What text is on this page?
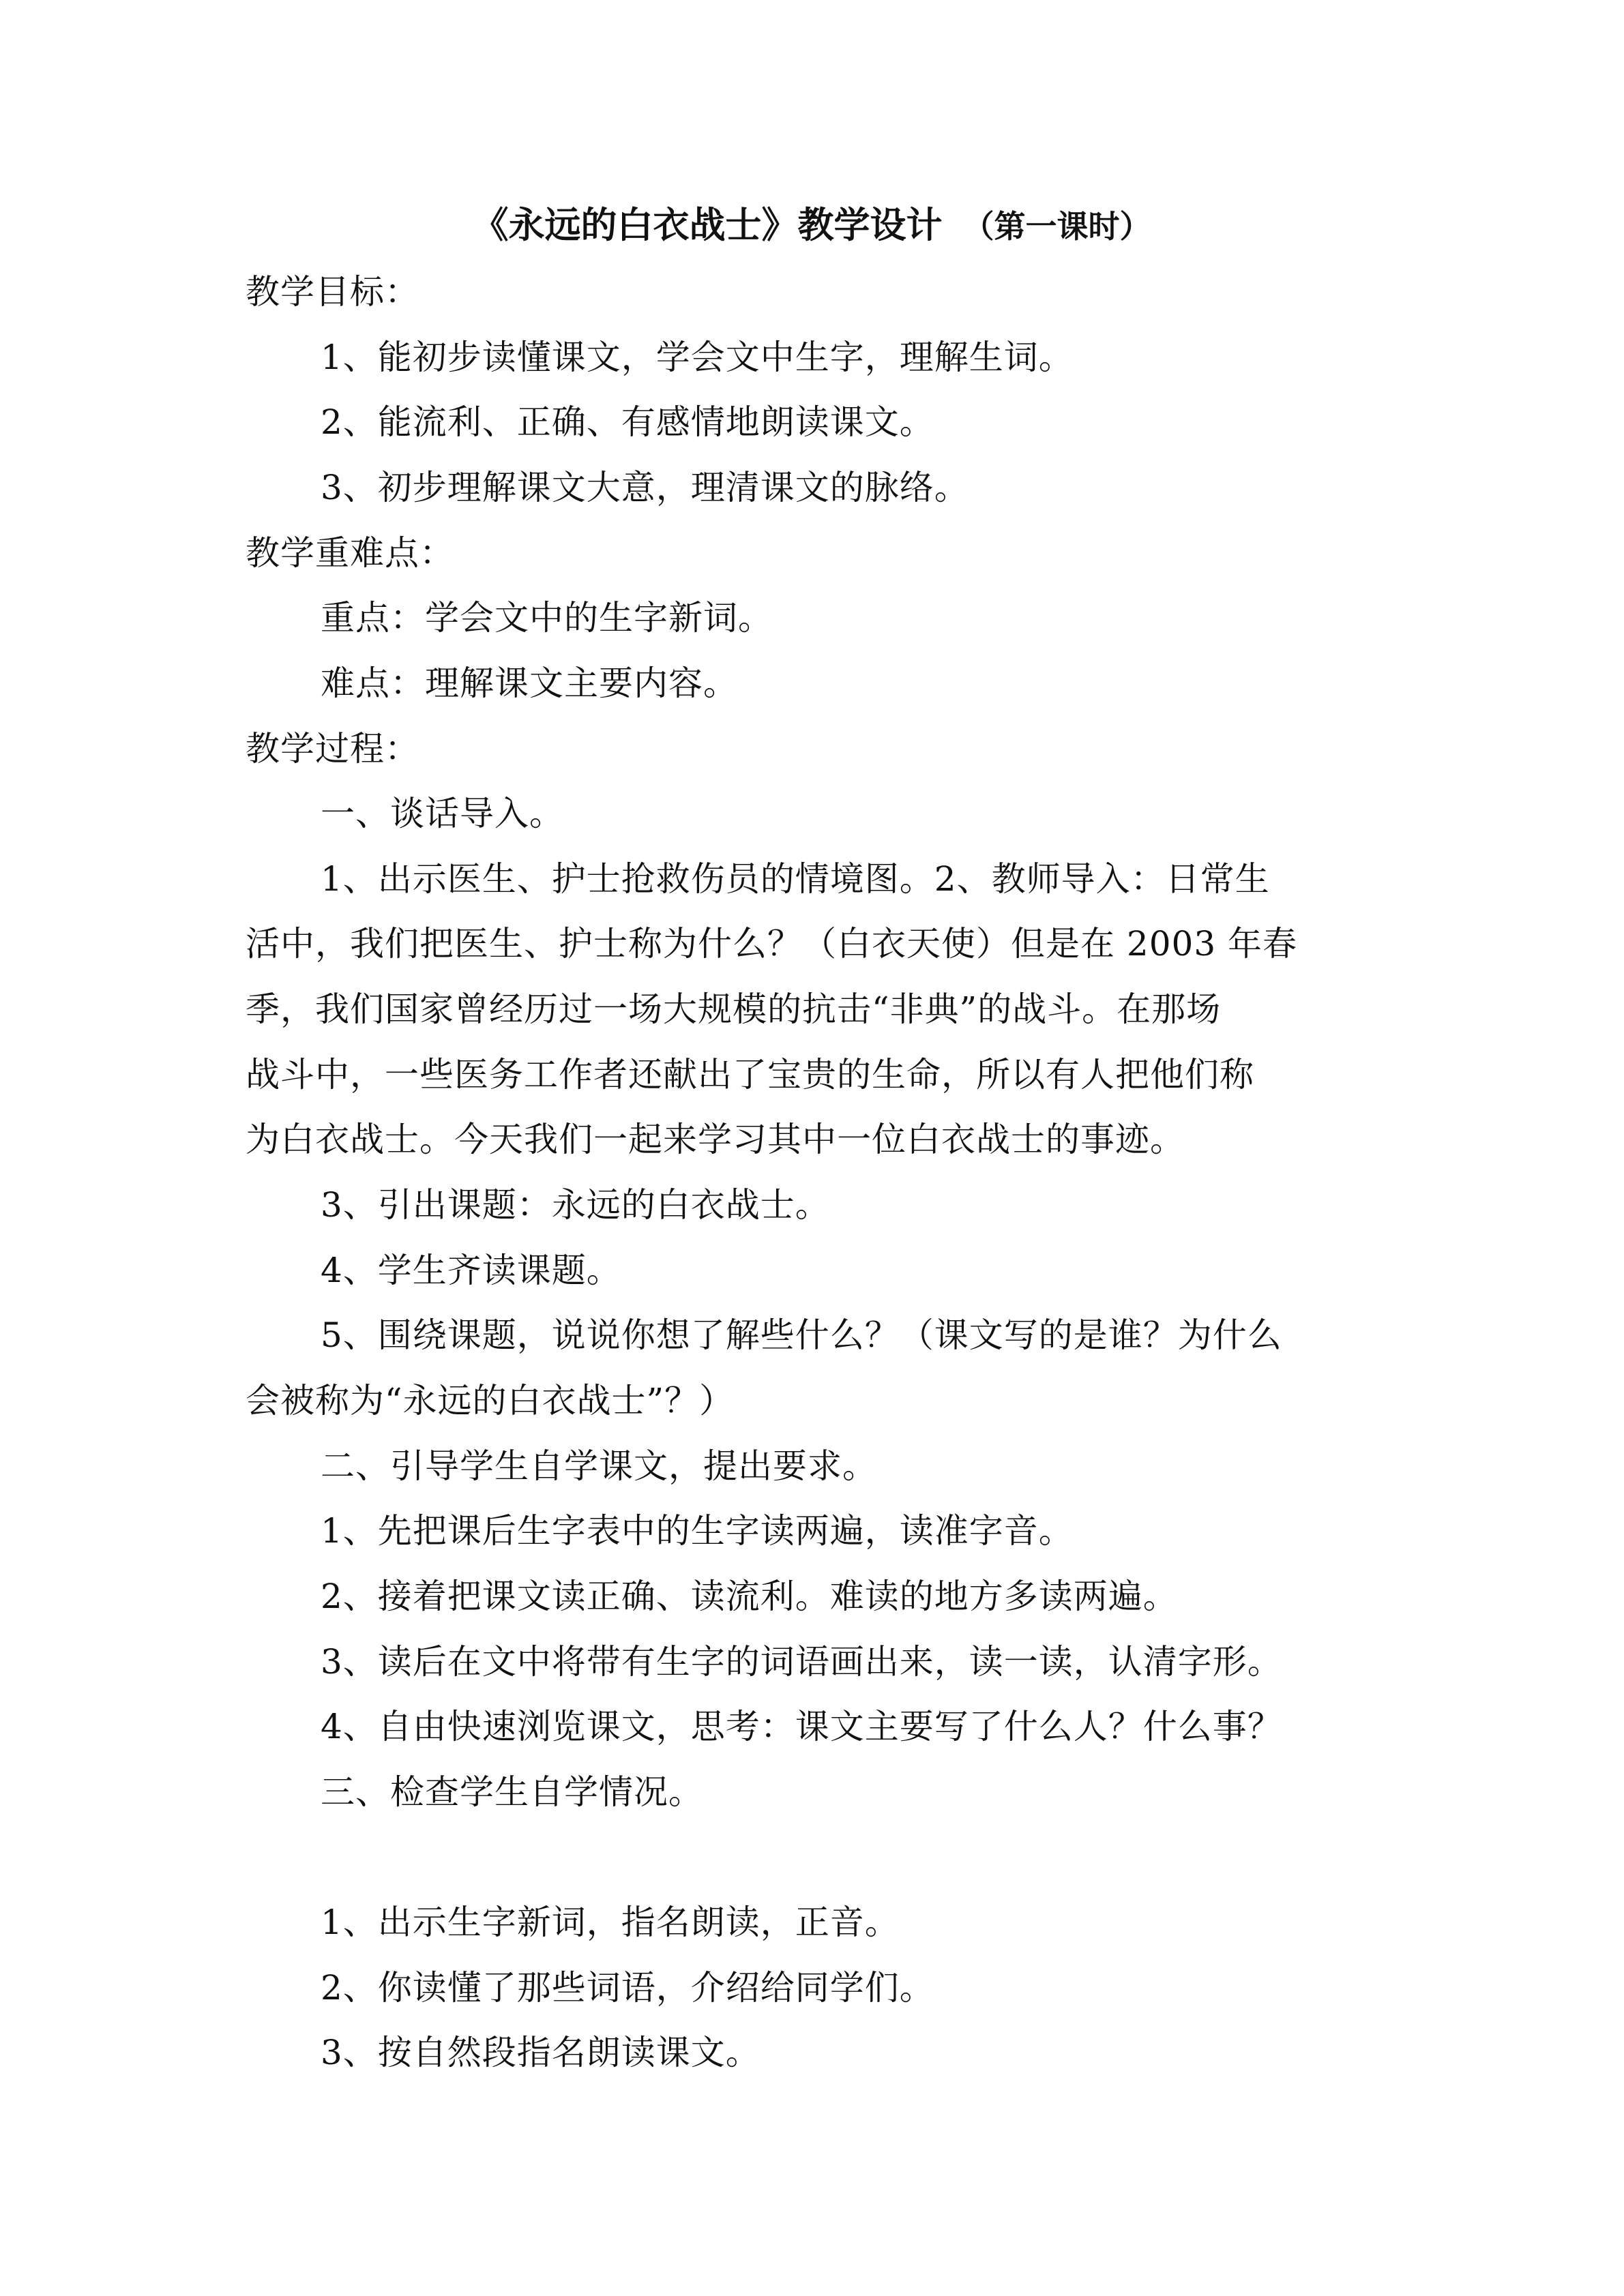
《永远的白衣战士》教学设计 （第一课时）
教学目标：
1、能初步读懂课文，学会文中生字，理解生词。
2、能流利、正确、有感情地朗读课文。
3、初步理解课文大意，理清课文的脉络。
教学重难点：
重点：学会文中的生字新词。
难点：理解课文主要内容。
教学过程：
一、谈话导入。
1、出示医生、护士抢救伤员的情境图。2、教师导入：日常生
活中，我们把医生、护士称为什么？（白衣天使）但是在 2003 年春
季，我们国家曾经历过一场大规模的抗击“非典”的战斗。在那场
战斗中，一些医务工作者还献出了宝贵的生命，所以有人把他们称
为白衣战士。今天我们一起来学习其中一位白衣战士的事迹。
3、引出课题：永远的白衣战士。
4、学生齐读课题。
5、围绕课题，说说你想了解些什么？（课文写的是谁？为什么
会被称为“永远的白衣战士”？）
二、引导学生自学课文，提出要求。
1、先把课后生字表中的生字读两遍，读准字音。
2、接着把课文读正确、读流利。难读的地方多读两遍。
3、读后在文中将带有生字的词语画出来，读一读，认清字形。
4、自由快速浏览课文，思考：课文主要写了什么人？什么事？
三、检查学生自学情况。
1、出示生字新词，指名朗读，正音。
2、你读懂了那些词语，介绍给同学们。
3、按自然段指名朗读课文。
